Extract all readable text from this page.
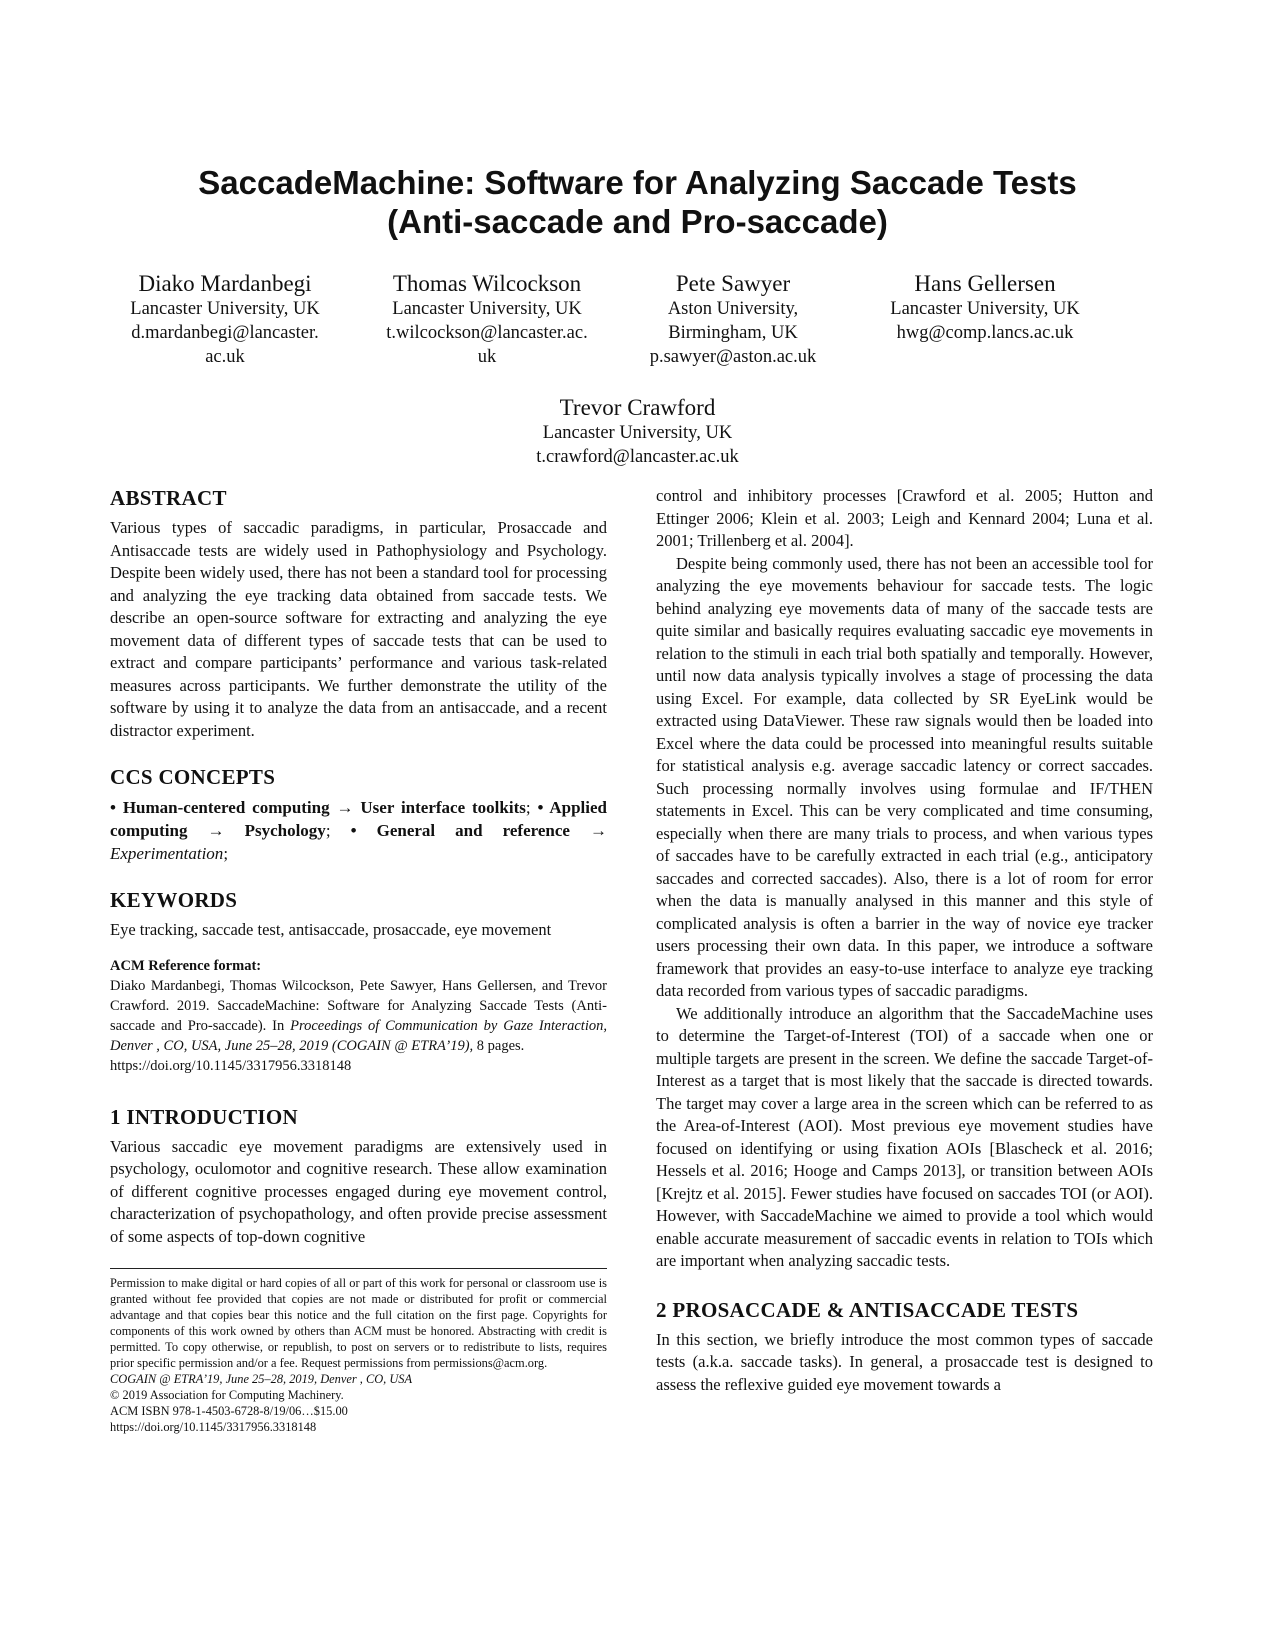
SaccadeMachine: Software for Analyzing Saccade Tests
(Anti-saccade and Pro-saccade)
Diako Mardanbegi
Lancaster University, UK
d.mardanbegi@lancaster.
ac.uk
Thomas Wilcockson
Lancaster University, UK
t.wilcockson@lancaster.ac.
uk
Pete Sawyer
Aston University,
Birmingham, UK
p.sawyer@aston.ac.uk
Hans Gellersen
Lancaster University, UK
hwg@comp.lancs.ac.uk
Trevor Crawford
Lancaster University, UK
t.crawford@lancaster.ac.uk
ABSTRACT

Various types of saccadic paradigms, in particular, Prosaccade and Antisaccade tests are widely used in Pathophysiology and Psychology. Despite been widely used, there has not been a standard tool for processing and analyzing the eye tracking data obtained from saccade tests. We describe an open-source software for extracting and analyzing the eye movement data of different types of saccade tests that can be used to extract and compare participants’ performance and various task-related measures across participants. We further demonstrate the utility of the software by using it to analyze the data from an antisaccade, and a recent distractor experiment.

CCS CONCEPTS

• Human-centered computing → User interface toolkits; • Applied computing → Psychology; • General and reference → Experimentation;

KEYWORDS

Eye tracking, saccade test, antisaccade, prosaccade, eye movement

ACM Reference format:

Diako Mardanbegi, Thomas Wilcockson, Pete Sawyer, Hans Gellersen, and Trevor Crawford. 2019. SaccadeMachine: Software for Analyzing Saccade Tests (Anti-saccade and Pro-saccade). In Proceedings of Communication by Gaze Interaction, Denver , CO, USA, June 25–28, 2019 (COGAIN @ ETRA’19), 8 pages.

https://doi.org/10.1145/3317956.3318148

1 INTRODUCTION

Various saccadic eye movement paradigms are extensively used in psychology, oculomotor and cognitive research. These allow examination of different cognitive processes engaged during eye movement control, characterization of psychopathology, and often provide precise assessment of some aspects of top-down cognitive

Permission to make digital or hard copies of all or part of this work for personal or classroom use is granted without fee provided that copies are not made or distributed for profit or commercial advantage and that copies bear this notice and the full citation on the first page. Copyrights for components of this work owned by others than ACM must be honored. Abstracting with credit is permitted. To copy otherwise, or republish, to post on servers or to redistribute to lists, requires prior specific permission and/or a fee. Request permissions from permissions@acm.org.

COGAIN @ ETRA’19, June 25–28, 2019, Denver , CO, USA
© 2019 Association for Computing Machinery.
ACM ISBN 978-1-4503-6728-8/19/06…$15.00
https://doi.org/10.1145/3317956.3318148

control and inhibitory processes [Crawford et al. 2005; Hutton and Ettinger 2006; Klein et al. 2003; Leigh and Kennard 2004; Luna et al. 2001; Trillenberg et al. 2004].

Despite being commonly used, there has not been an accessible tool for analyzing the eye movements behaviour for saccade tests. The logic behind analyzing eye movements data of many of the saccade tests are quite similar and basically requires evaluating saccadic eye movements in relation to the stimuli in each trial both spatially and temporally. However, until now data analysis typically involves a stage of processing the data using Excel. For example, data collected by SR EyeLink would be extracted using DataViewer. These raw signals would then be loaded into Excel where the data could be processed into meaningful results suitable for statistical analysis e.g. average saccadic latency or correct saccades. Such processing normally involves using formulae and IF/THEN statements in Excel. This can be very complicated and time consuming, especially when there are many trials to process, and when various types of saccades have to be carefully extracted in each trial (e.g., anticipatory saccades and corrected saccades). Also, there is a lot of room for error when the data is manually analysed in this manner and this style of complicated analysis is often a barrier in the way of novice eye tracker users processing their own data. In this paper, we introduce a software framework that provides an easy-to-use interface to analyze eye tracking data recorded from various types of saccadic paradigms.

We additionally introduce an algorithm that the SaccadeMachine uses to determine the Target-of-Interest (TOI) of a saccade when one or multiple targets are present in the screen. We define the saccade Target-of-Interest as a target that is most likely that the saccade is directed towards. The target may cover a large area in the screen which can be referred to as the Area-of-Interest (AOI). Most previous eye movement studies have focused on identifying or using fixation AOIs [Blascheck et al. 2016; Hessels et al. 2016; Hooge and Camps 2013], or transition between AOIs [Krejtz et al. 2015]. Fewer studies have focused on saccades TOI (or AOI). However, with SaccadeMachine we aimed to provide a tool which would enable accurate measurement of saccadic events in relation to TOIs which are important when analyzing saccadic tests.

2 PROSACCADE & ANTISACCADE TESTS

In this section, we briefly introduce the most common types of saccade tests (a.k.a. saccade tasks). In general, a prosaccade test is designed to assess the reflexive guided eye movement towards a
